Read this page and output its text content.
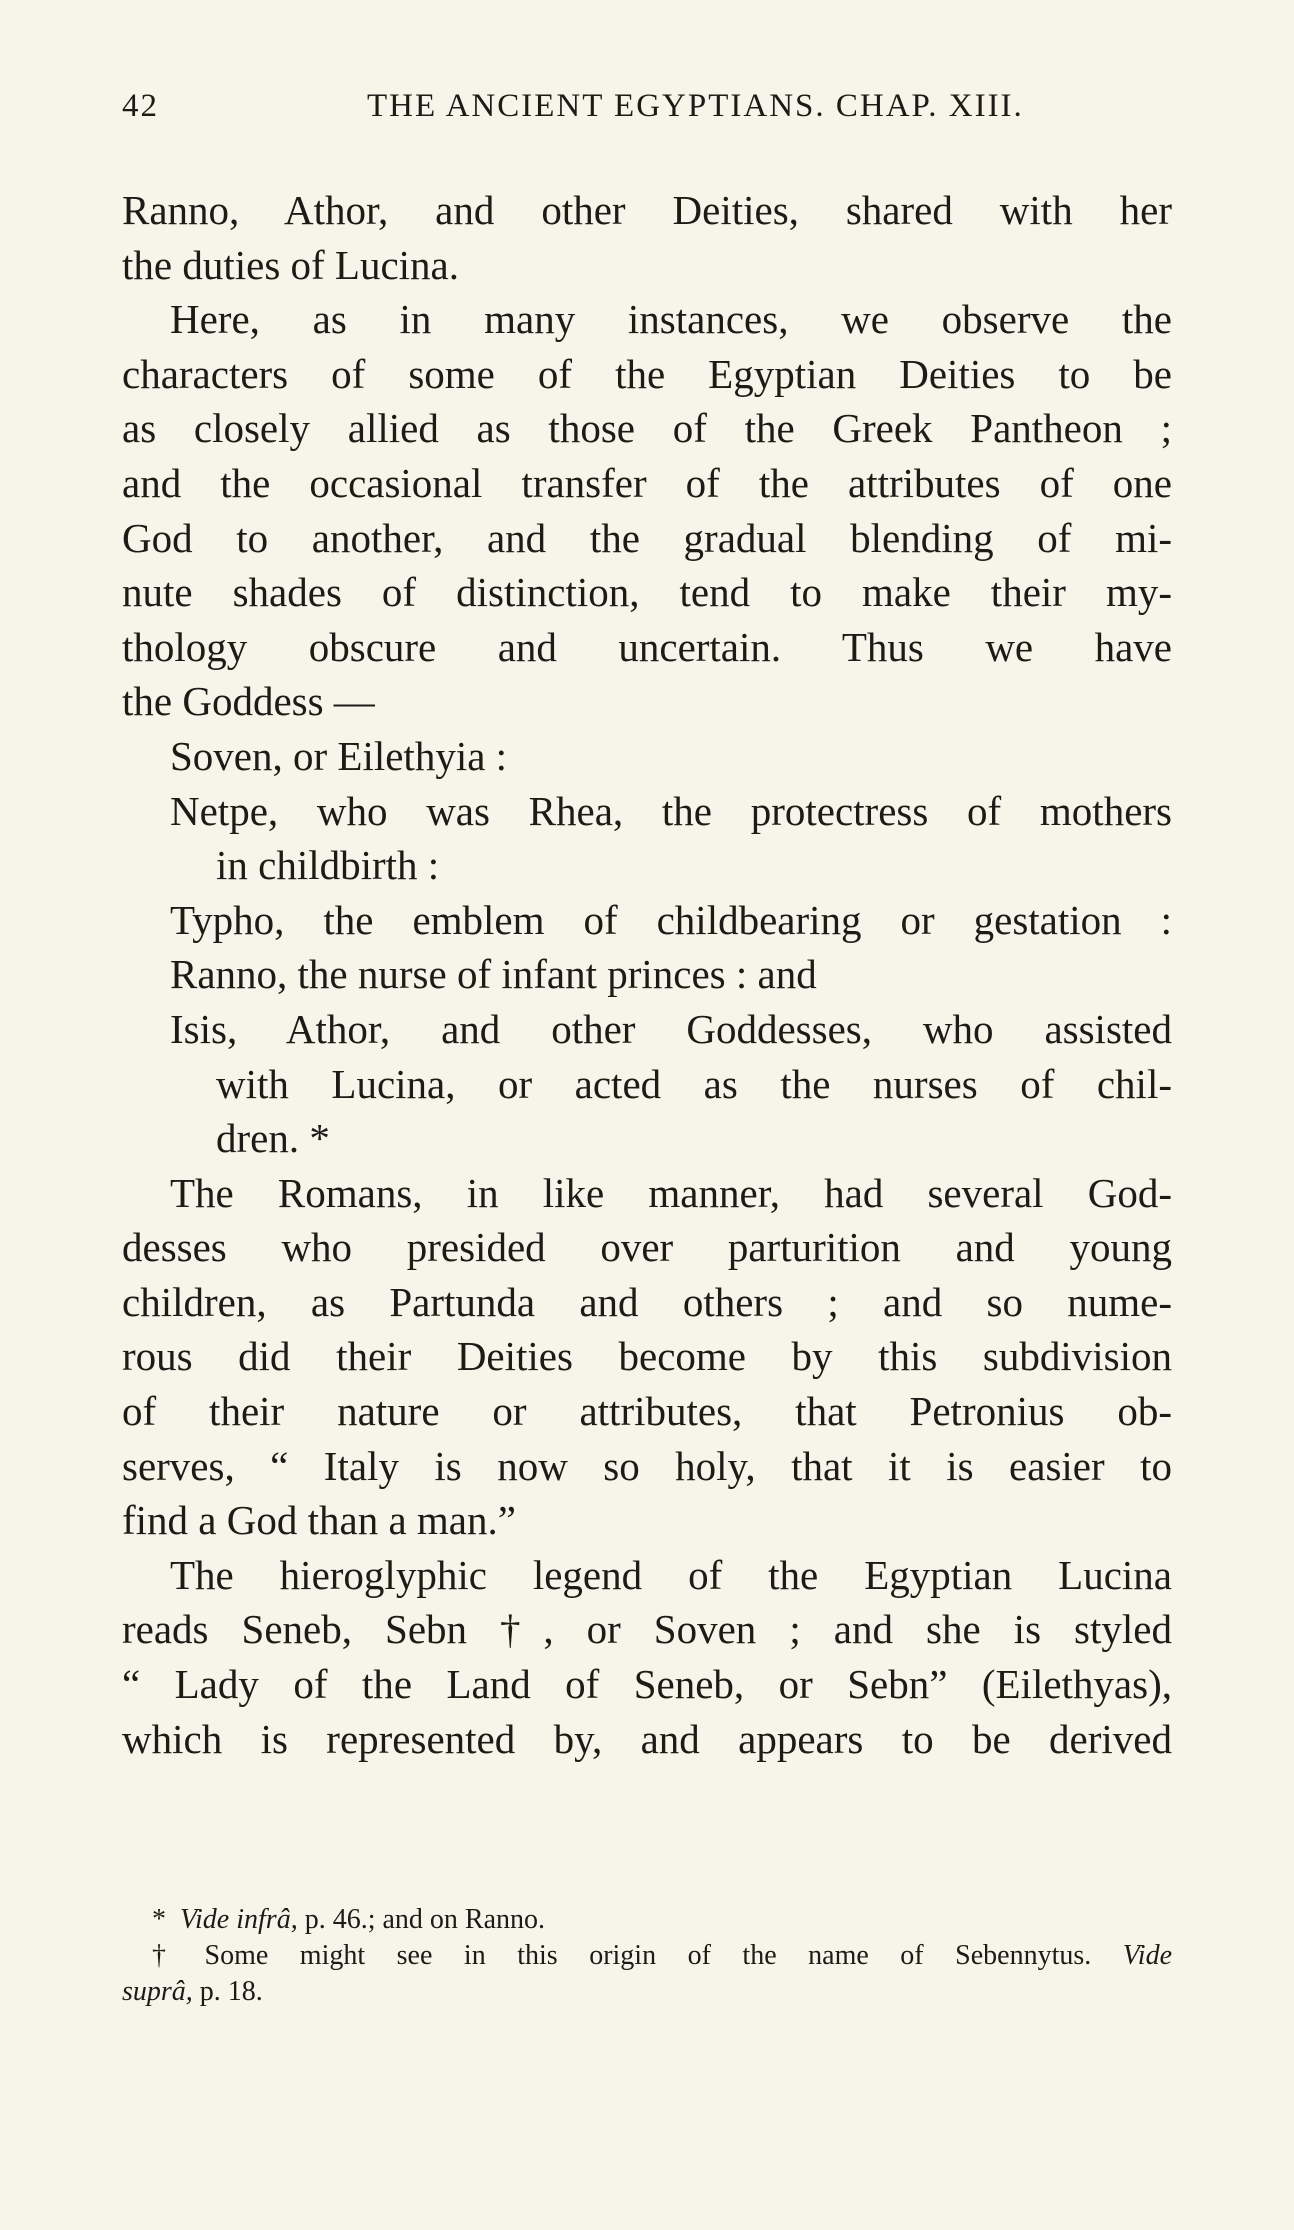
42	THE ANCIENT EGYPTIANS. CHAP. XIII.
Ranno, Athor, and other Deities, shared with her
the duties of Lucina.
Here, as in many instances, we observe the
characters of some of the Egyptian Deities to be
as closely allied as those of the Greek Pantheon ;
and the occasional transfer of the attributes of one
God to another, and the gradual blending of mi-
nute shades of distinction, tend to make their my-
thology obscure and uncertain. Thus we have
the Goddess —
Soven, or Eilethyia :
Netpe, who was Rhea, the protectress of mothers
in childbirth :
Typho, the emblem of childbearing or gestation :
Ranno, the nurse of infant princes : and
Isis, Athor, and other Goddesses, who assisted
with Lucina, or acted as the nurses of chil-
dren. *
The Romans, in like manner, had several God-
desses who presided over parturition and young
children, as Partunda and others ; and so nume-
rous did their Deities become by this subdivision
of their nature or attributes, that Petronius ob-
serves, “ Italy is now so holy, that it is easier to
find a God than a man.”
The hieroglyphic legend of the Egyptian Lucina
reads Seneb, Sebn †, or Soven ; and she is styled
“ Lady of the Land of Seneb, or Sebn” (Eilethyas),
which is represented by, and appears to be derived
* Vide infrâ, p. 46.; and on Ranno.
† Some might see in this origin of the name of Sebennytus. Vide
suprâ, p. 18.
